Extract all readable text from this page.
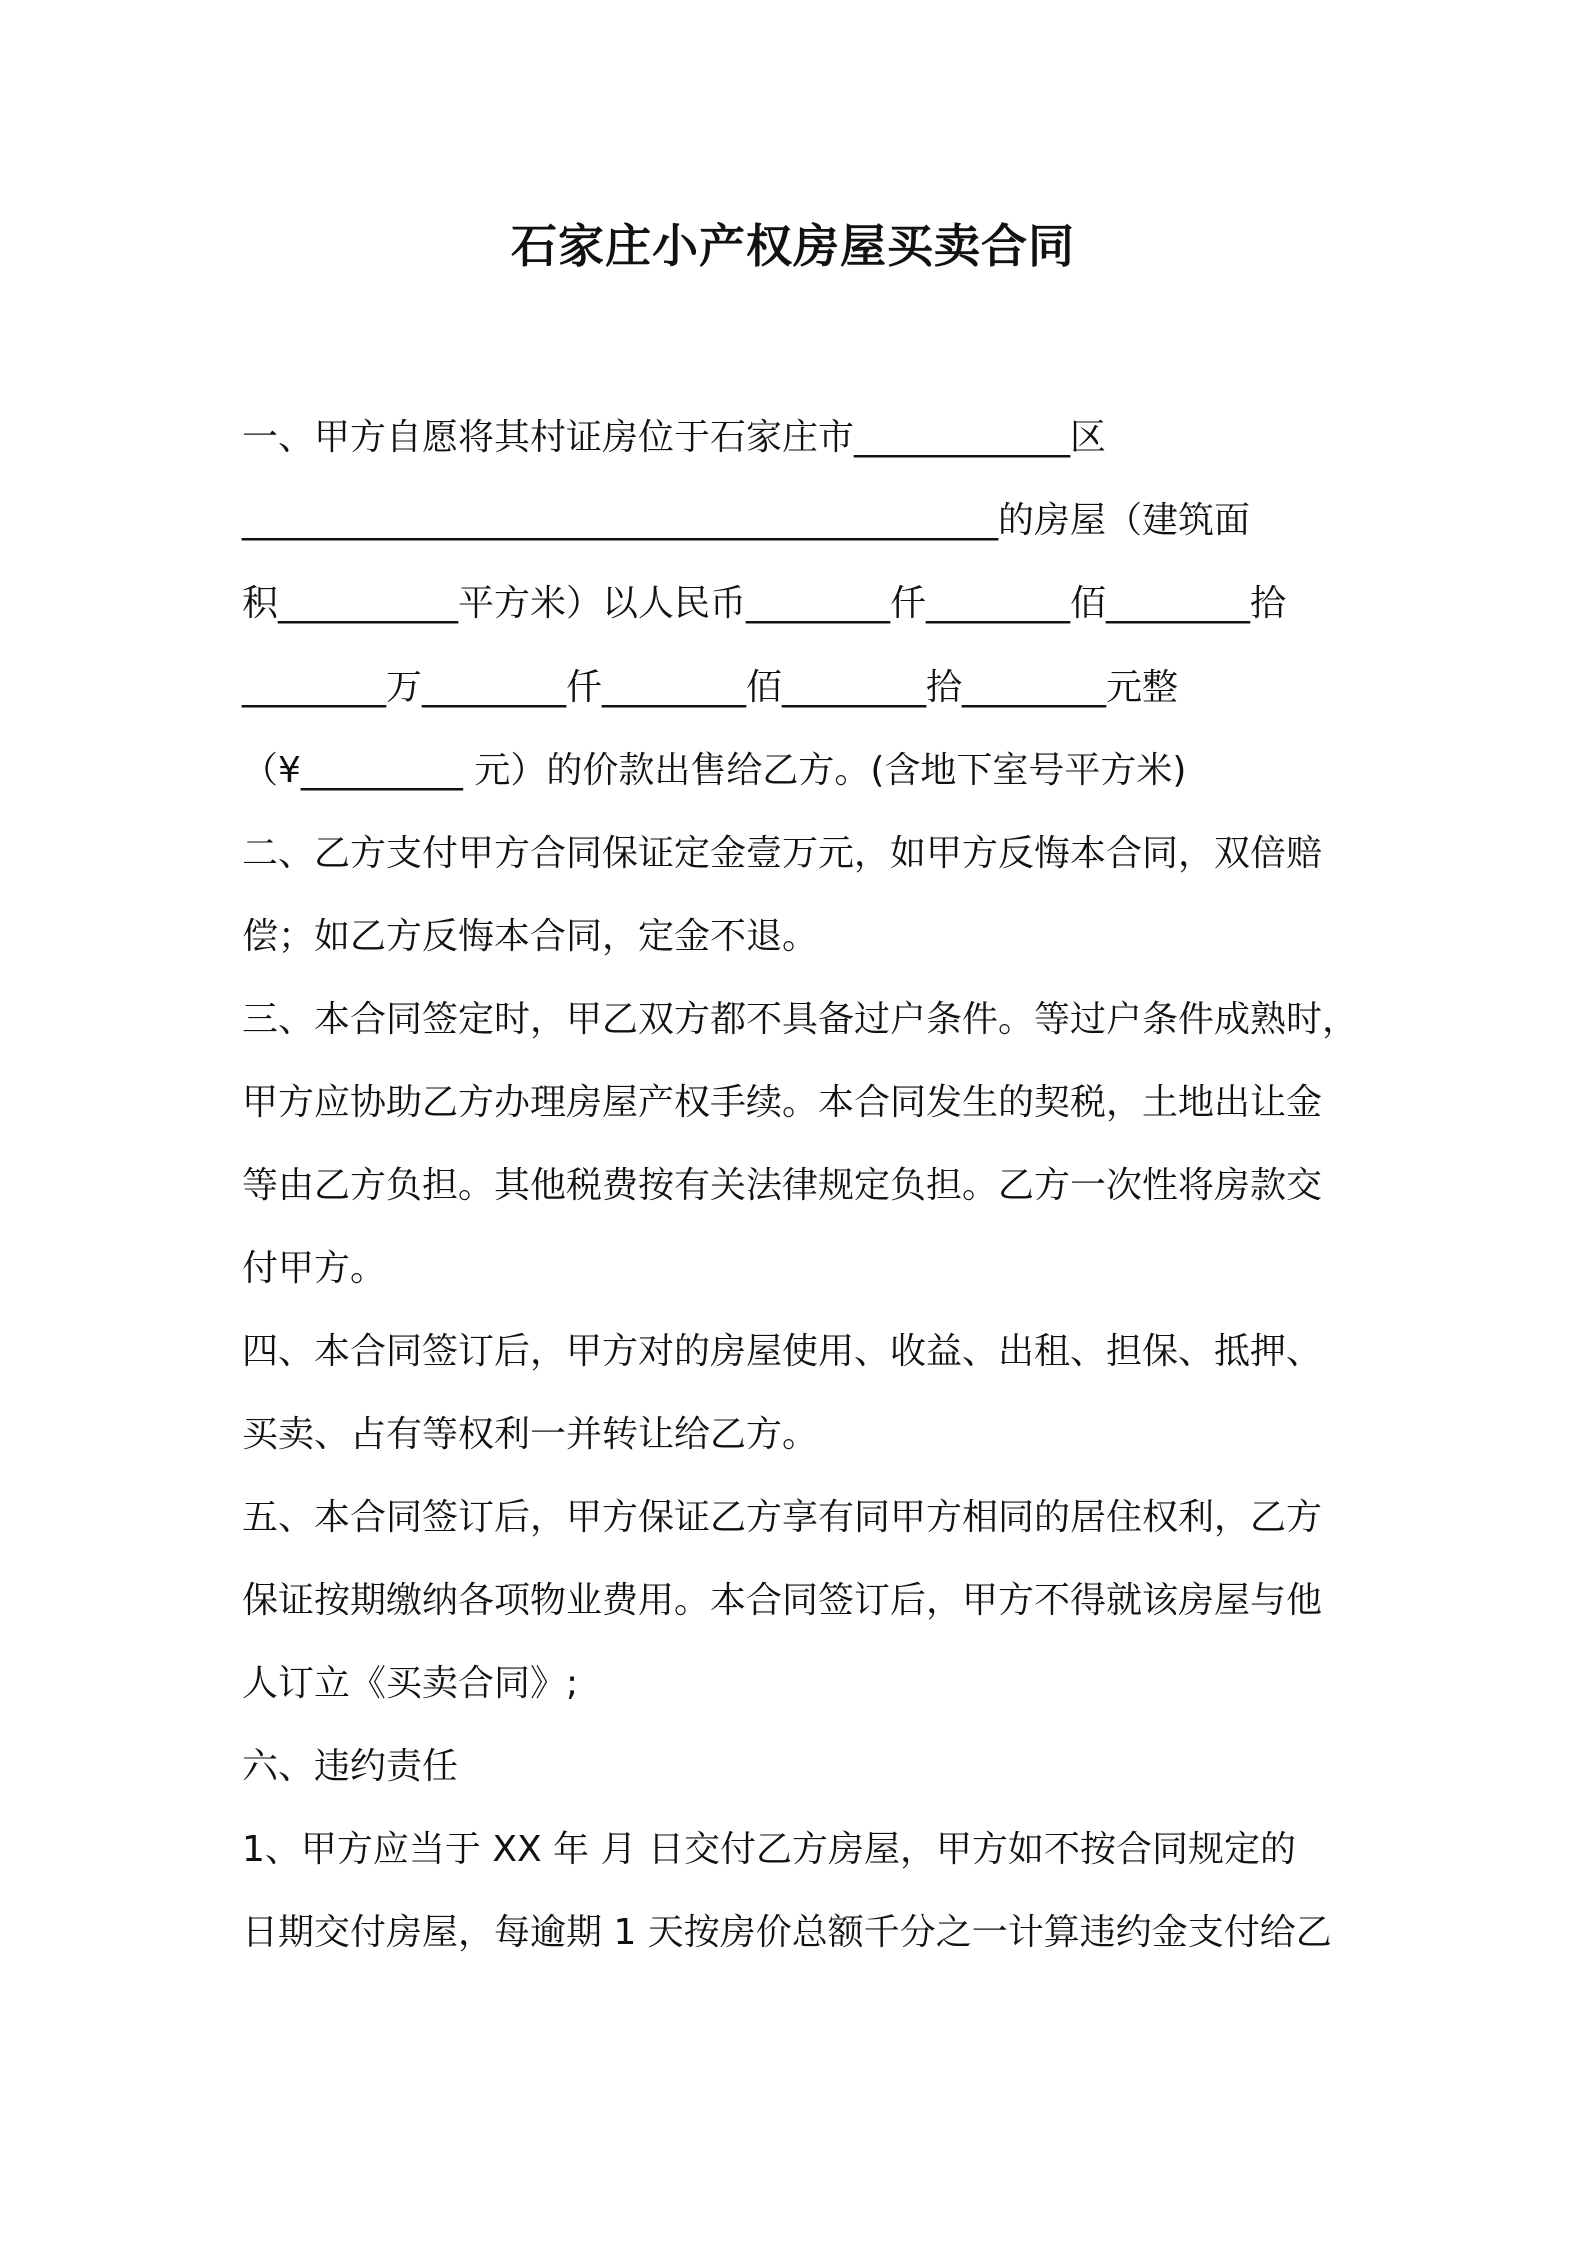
石家庄小产权房屋买卖合同
一、甲方自愿将其村证房位于石家庄市____________区
__________________________________________的房屋（建筑面
积__________平方米）以人民币________仟________佰________拾
________万________仟________佰________拾________元整
（¥_________ 元）的价款出售给乙方。(含地下室号平方米)
二、乙方支付甲方合同保证定金壹万元，如甲方反悔本合同，双倍赔
偿；如乙方反悔本合同，定金不退。
三、本合同签定时，甲乙双方都不具备过户条件。等过户条件成熟时，
甲方应协助乙方办理房屋产权手续。本合同发生的契税，土地出让金
等由乙方负担。其他税费按有关法律规定负担。乙方一次性将房款交
付甲方。
四、本合同签订后，甲方对的房屋使用、收益、出租、担保、抵押、
买卖、占有等权利一并转让给乙方。
五、本合同签订后，甲方保证乙方享有同甲方相同的居住权利，乙方
保证按期缴纳各项物业费用。本合同签订后，甲方不得就该房屋与他
人订立《买卖合同》;
六、违约责任
1、甲方应当于 XX 年 月 日交付乙方房屋，甲方如不按合同规定的
日期交付房屋，每逾期 1 天按房价总额千分之一计算违约金支付给乙
